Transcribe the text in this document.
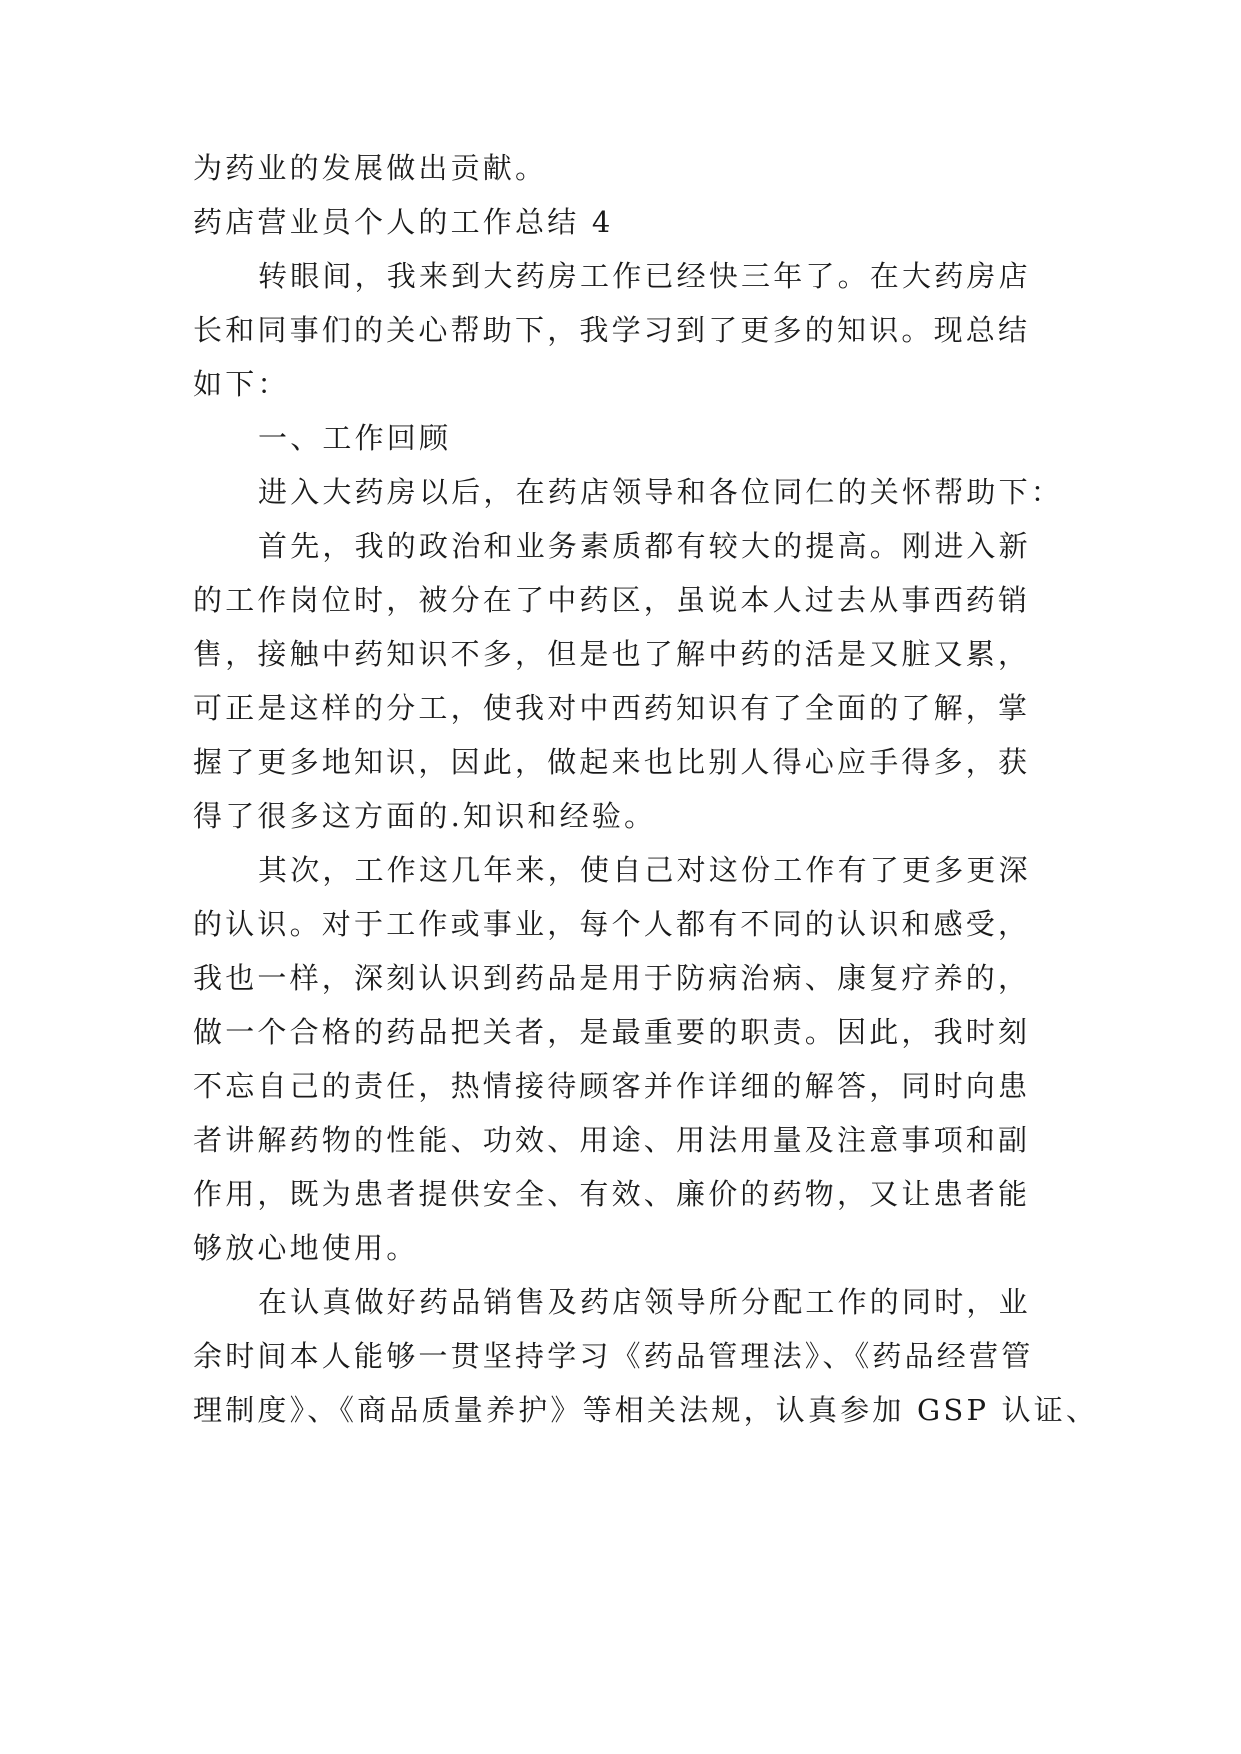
为药业的发展做出贡献。
药店营业员个人的工作总结 4
转眼间，我来到大药房工作已经快三年了。在大药房店
长和同事们的关心帮助下，我学习到了更多的知识。现总结
如下：
一、工作回顾
进入大药房以后，在药店领导和各位同仁的关怀帮助下：
首先，我的政治和业务素质都有较大的提高。刚进入新
的工作岗位时，被分在了中药区，虽说本人过去从事西药销
售，接触中药知识不多，但是也了解中药的活是又脏又累，
可正是这样的分工，使我对中西药知识有了全面的了解，掌
握了更多地知识，因此，做起来也比别人得心应手得多，获
得了很多这方面的.知识和经验。
其次，工作这几年来，使自己对这份工作有了更多更深
的认识。对于工作或事业，每个人都有不同的认识和感受，
我也一样，深刻认识到药品是用于防病治病、康复疗养的，
做一个合格的药品把关者，是最重要的职责。因此，我时刻
不忘自己的责任，热情接待顾客并作详细的解答，同时向患
者讲解药物的性能、功效、用途、用法用量及注意事项和副
作用，既为患者提供安全、有效、廉价的药物，又让患者能
够放心地使用。
在认真做好药品销售及药店领导所分配工作的同时，业
余时间本人能够一贯坚持学习《药品管理法》、《药品经营管
理制度》、《商品质量养护》等相关法规，认真参加 GSP 认证、
